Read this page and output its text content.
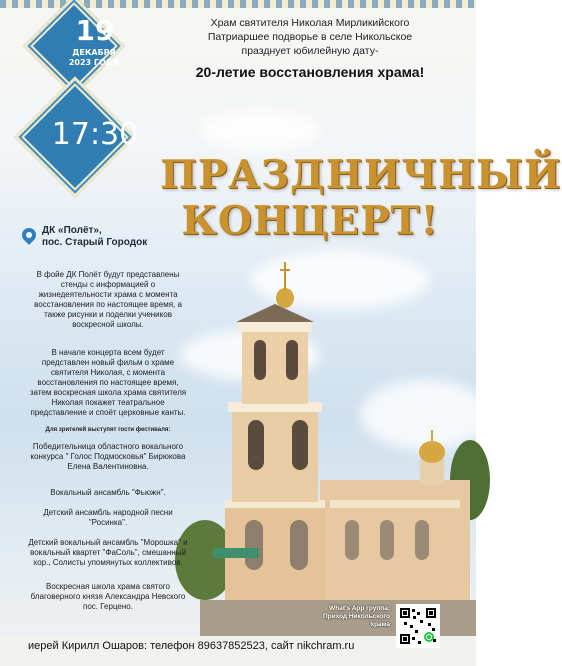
19
ДЕКАБРЯ
2023 ГОДА
17:30
Храм святителя Николая Мирликийского
Патриаршее подворье в селе Никольское
празднует юбилейную дату-
20-летие восстановления храма!
ПРАЗДНИЧНЫЙ
КОНЦЕРТ!
ДК «Полёт»,
пос. Старый Городок
В фойе ДК Полёт будут представлены стенды с информацией о жизнедеятельности храма с момента восстановления по настоящее время, а также рисунки и поделки учеников воскресной школы.
В начале концерта всем будет представлен новый фильм о храме святителя Николая, с момента восстановления по настоящее время, затем воскресная школа храма святителя Николая покажет театральное представление и споёт церковные канты.
Для зрителей выступят гости фестиваля:
Победительница областного вокального конкурса " Голос Подмосковья" Бирюкова Елена Валентиновна.
Вокальный ансамбль "Фьюжн".
Детский ансамбль народной песни "Росинка".
Детский вокальный ансамбль "Морошка" и вокальный квартет "ФаСоль", смешанный хор., Солисты упомянутых коллективов.
Воскресная школа храма святого благоверного князя Александра Невского пос. Герцено.	What's App группа:
Приход Никольского храма
иерей Кирилл Ошаров: телефон 89637852523, сайт nikchram.ru
